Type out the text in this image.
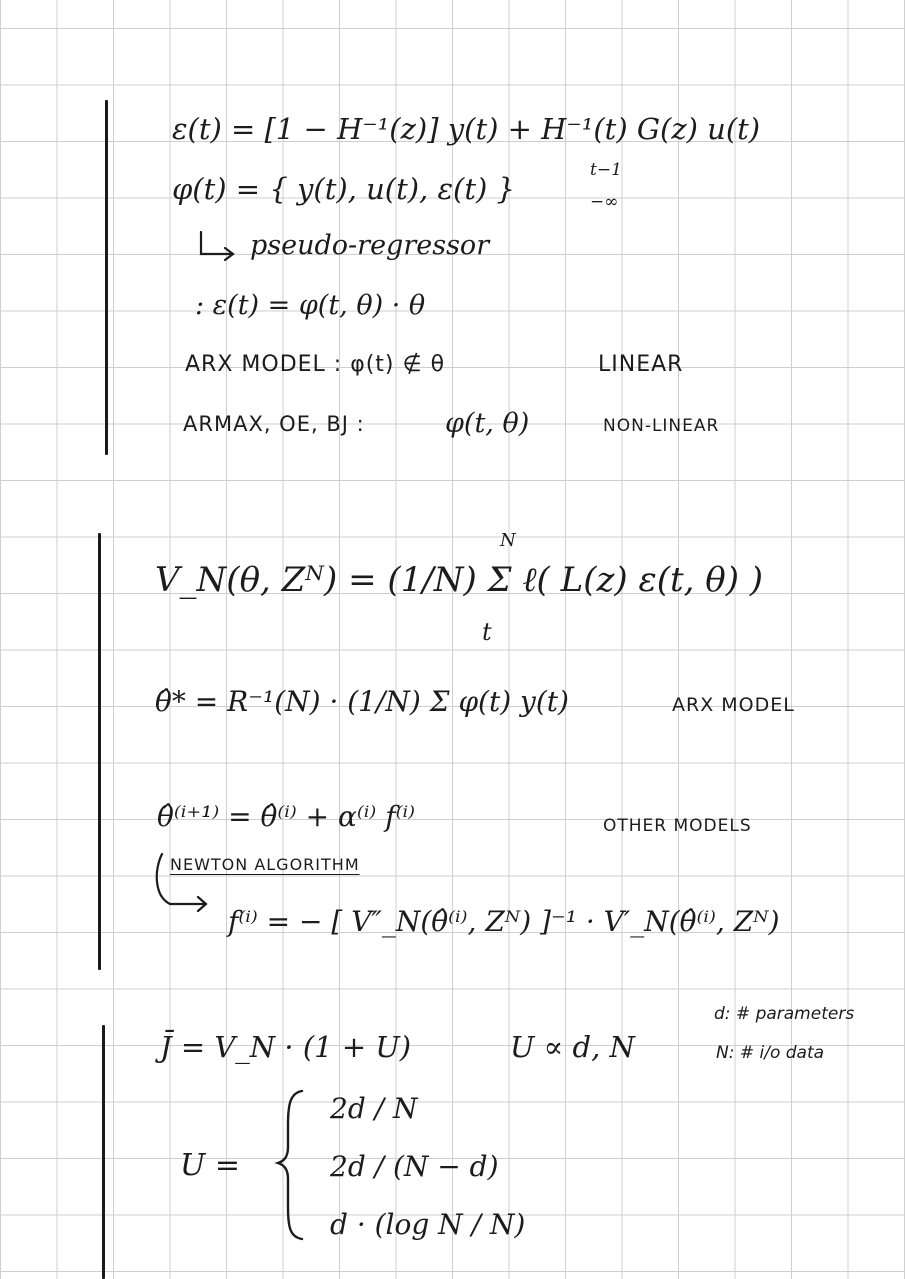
ε(t) = [1 − H⁻¹(z)] y(t) + H⁻¹(t) G(z) u(t)
φ(t) = { y(t), u(t), ε(t) }
t−1
−∞
pseudo-regressor
: ε(t) = φ(t, θ) · θ
ARX MODEL : φ(t) ∉ θ	LINEAR
ARMAX, OE, BJ :	φ(t, θ)	NON-LINEAR
V_N(θ, Zᴺ) = (1/N) Σ ℓ( L(z) ε(t, θ) )
N
t
θ̂* = R⁻¹(N) · (1/N) Σ φ(t) y(t)	ARX MODEL
θ̂⁽ⁱ⁺¹⁾ = θ̂⁽ⁱ⁾ + α⁽ⁱ⁾ f⁽ⁱ⁾	OTHER MODELS
NEWTON ALGORITHM
f⁽ⁱ⁾ = − [ V″_N(θ̂⁽ⁱ⁾, Zᴺ) ]⁻¹ · V′_N(θ̂⁽ⁱ⁾, Zᴺ)
J̄ = V_N · (1 + U)	U ∝ d, N
d: # parameters
N: # i/o data
U =
2d / N
2d / (N − d)
d · (log N / N)
